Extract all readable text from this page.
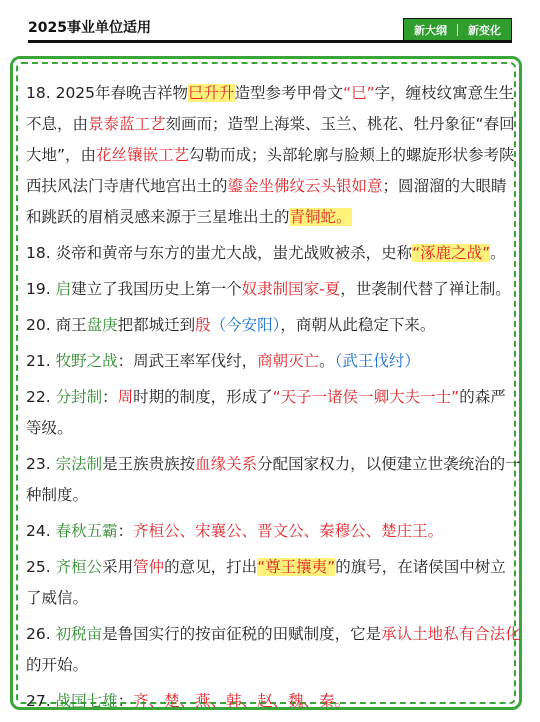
2025事业单位适用	新大纲 新变化

18. 2025年春晚吉祥物巳升升造型参考甲骨文“巳”字，缠枝纹寓意生生不息，由景泰蓝工艺刻画而；造型上海棠、玉兰、桃花、牡丹象征“春回大地”，由花丝镶嵌工艺勾勒而成；头部轮廓与脸颊上的螺旋形状参考陕西扶风法门寺唐代地宫出土的鎏金坐佛纹云头银如意；圆溜溜的大眼睛和跳跃的眉梢灵感来源于三星堆出土的青铜蛇。

18. 炎帝和黄帝与东方的蚩尤大战，蚩尤战败被杀，史称“涿鹿之战”。

19. 启建立了我国历史上第一个奴隶制国家-夏，世袭制代替了禅让制。

20. 商王盘庚把都城迁到殷（今安阳），商朝从此稳定下来。

21. 牧野之战：周武王率军伐纣，商朝灭亡。（武王伐纣）

22. 分封制：周时期的制度，形成了“天子一诸侯一卿大夫一士”的森严等级。

23. 宗法制是王族贵族按血缘关系分配国家权力，以便建立世袭统治的一种制度。

24. 春秋五霸：齐桓公、宋襄公、晋文公、秦穆公、楚庄王。

25. 齐桓公采用管仲的意见，打出“尊王攘夷”的旗号，在诸侯国中树立了威信。

26. 初税亩是鲁国实行的按亩征税的田赋制度，它是承认土地私有合法化的开始。

27. 战国七雄：齐、楚、燕、韩、赵、魏、秦。
